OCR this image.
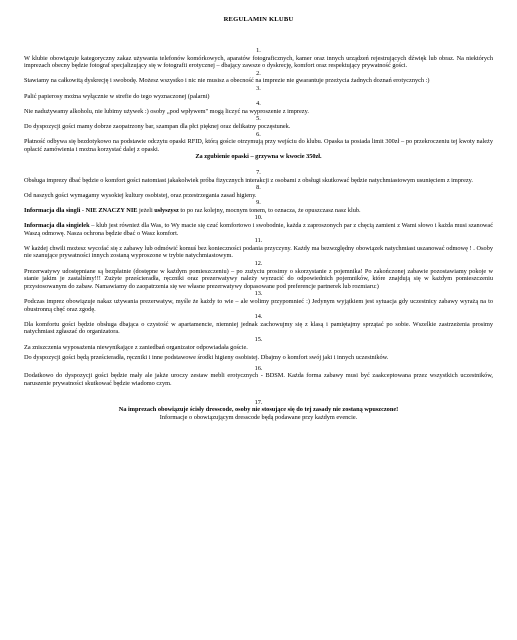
REGULAMIN KLUBU

1.

W klubie obowiązuje kategoryczny zakaz używania telefonów komórkowych, aparatów fotograficznych, kamer oraz innych urządzeń rejestrujących dźwięk lub obraz. Na niektórych imprezach obecny będzie fotograf specjalizujący się w fotografii erotycznej – dbający zawsze o dyskrecję, komfort oraz respektujący prywatność gości.

2.

Stawiamy na całkowitą dyskrecję i swobodę. Możesz wszystko i nic nie musisz a obecność na imprezie nie gwarantuje przeżycia żadnych doznań erotycznych :)

3.

Palić papierosy można wyłącznie w strefie do tego wyznaczonej (palarni)

4.

Nie nadużywamy alkoholu, nie lubimy używek :) osoby „pod wpływem" mogą liczyć na wyproszenie z imprezy.

5.

Do dyspozycji gości mamy dobrze zaopatrzony bar, szampan dla płci pięknej oraz delikatny poczęstunek.

6.

Płatność odbywa się bezdotykowo na podstawie odczytu opaski RFID, którą goście otrzymują przy wejściu do klubu. Opaska ta posiada limit 300zł – po przekroczeniu tej kwoty należy opłacić zamówienia i można korzystać dalej z opaski.

Za zgubienie opaski – grzywna w kwocie 350zł.

7.

Obsługa imprezy dbać będzie o komfort gości natomiast jakakolwiek próba fizycznych interakcji z osobami z obsługi skutkować będzie natychmiastowym usunięciem z imprezy.

8.

Od naszych gości wymagamy wysokiej kultury osobistej, oraz przestrzegania zasad higieny.

9.

Informacja dla singli - NIE ZNACZY NIE jeżeli usłyszysz to po raz kolejny, mocnym tonem, to oznacza, że opuszczasz nasz klub.

10.

Informacja dla singielek – klub jest również dla Was, to Wy macie się czuć komfortowo i swobodnie, każda z zaproszonych par z chęcią zamieni z Wami słowo i każda musi szanować Waszą odmowę. Nasza ochrona będzie dbać o Wasz komfort.

11.

W każdej chwili możesz wycofać się z zabawy lub odmówić komuś bez konieczności podania przyczyny. Każdy ma bezwzględny obowiązek natychmiast uszanować odmowę ! . Osoby nie szanujące prywatności innych zostaną wyproszone w trybie natychmiastowym.

12.

Prezerwatywy udostępniane są bezpłatnie (dostępne w każdym pomieszczeniu) – po zużyciu prosimy o skorzystanie z pojemnika! Po zakończonej zabawie pozostawiamy pokoje w stanie jakim je zastaliśmy!!! Zużyte prześcieradła, ręczniki oraz prezerwatywy należy wyrzucić do odpowiednich pojemników, które znajdują się w każdym pomieszczeniu przystosowanym do zabaw. Namawiamy do zaopatrzenia się we własne prezerwatywy dopasowane pod preferencje partnerek lub rozmiaru:)

13.

Podczas imprez obowiązuje nakaz używania prezerwatyw, myśle że każdy to wie – ale wolimy przypomnieć :) Jedynym wyjątkiem jest sytuacja gdy uczestnicy zabawy wyrażą na to obustronną chęć oraz zgodę.

14.

Dla komfortu gości będzie obsługa dbająca o czystość w apartamencie, niemniej jednak zachowujmy się z klasą i pamiętajmy sprzątać po sobie. Wszelkie zastrzeżenia prosimy natychmiast zgłaszać do organizatora.

15.

Za zniszczenia wyposażenia niewynikające z zaniedbań organizator odpowiadała goście.

Do dyspozycji gości będą prześcieradła, ręczniki i inne podstawowe środki higieny osobistej. Dbajmy o komfort swój jaki i innych uczestników.

16.

Dodatkowo do dyspozycji gości będzie mały ale jakże uroczy zestaw mebli erotycznych - BDSM. Każda forma zabawy musi być zaakceptowana przez wszystkich uczestników, naruszenie prywatności skutkować będzie wiadomo czym.

17.

Na imprezach obowiązuje ścisły dresscode, osoby nie stosujące się do tej zasady nie zostaną wpuszczone!

Informacje o obowiązującym dresscode będą podawane przy każdym evencie.
